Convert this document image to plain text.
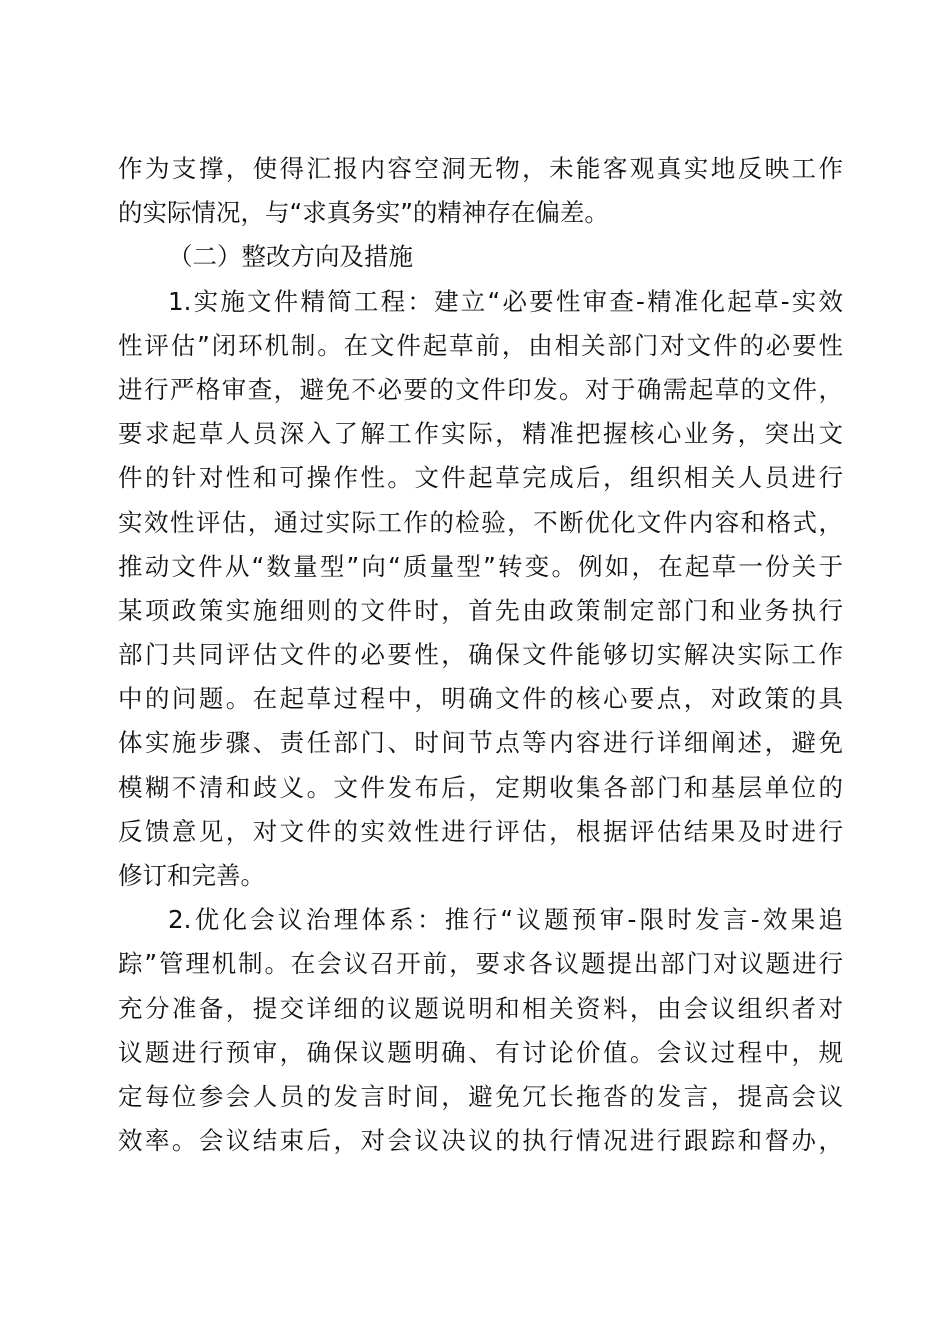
作为支撑，使得汇报内容空洞无物，未能客观真实地反映工作
的实际情况，与“求真务实”的精神存在偏差。
（二）整改方向及措施
1.实施文件精简工程：建立“必要性审查-精准化起草-实效
性评估”闭环机制。在文件起草前，由相关部门对文件的必要性
进行严格审查，避免不必要的文件印发。对于确需起草的文件，
要求起草人员深入了解工作实际，精准把握核心业务，突出文
件的针对性和可操作性。文件起草完成后，组织相关人员进行
实效性评估，通过实际工作的检验，不断优化文件内容和格式，
推动文件从“数量型”向“质量型”转变。例如，在起草一份关于
某项政策实施细则的文件时，首先由政策制定部门和业务执行
部门共同评估文件的必要性，确保文件能够切实解决实际工作
中的问题。在起草过程中，明确文件的核心要点，对政策的具
体实施步骤、责任部门、时间节点等内容进行详细阐述，避免
模糊不清和歧义。文件发布后，定期收集各部门和基层单位的
反馈意见，对文件的实效性进行评估，根据评估结果及时进行
修订和完善。
2.优化会议治理体系：推行“议题预审-限时发言-效果追
踪”管理机制。在会议召开前，要求各议题提出部门对议题进行
充分准备，提交详细的议题说明和相关资料，由会议组织者对
议题进行预审，确保议题明确、有讨论价值。会议过程中，规
定每位参会人员的发言时间，避免冗长拖沓的发言，提高会议
效率。会议结束后，对会议决议的执行情况进行跟踪和督办，
